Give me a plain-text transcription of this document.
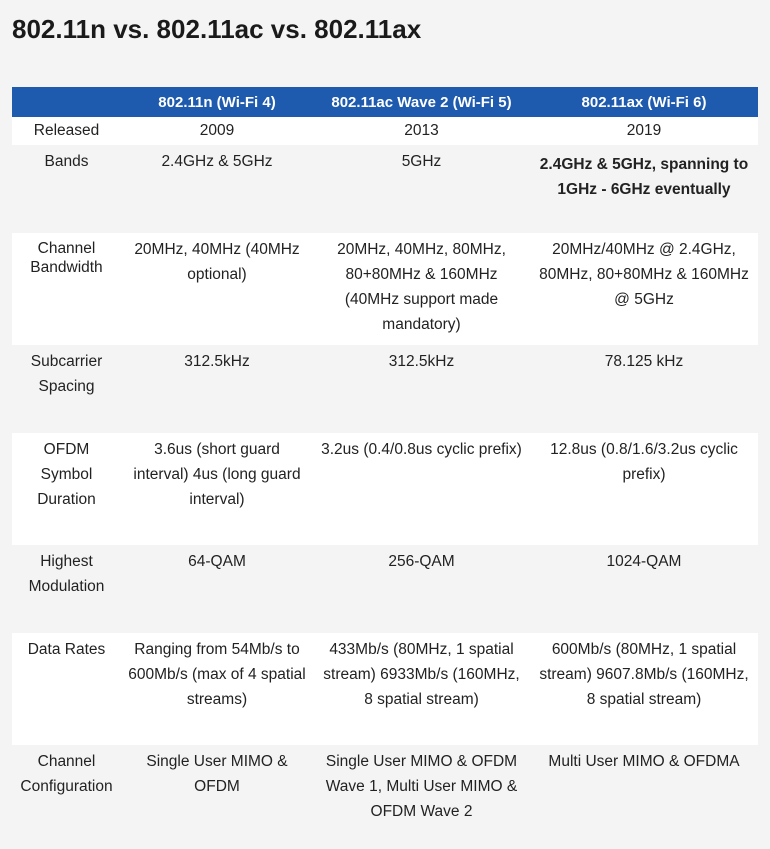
802.11n vs. 802.11ac vs. 802.11ax
	802.11n (Wi-Fi 4)	802.11ac Wave 2 (Wi-Fi 5)	802.11ax (Wi-Fi 6)
Released	2009	2013	2019
Bands	2.4GHz & 5GHz	5GHz	2.4GHz & 5GHz, spanning to 1GHz - 6GHz eventually
Channel Bandwidth	20MHz, 40MHz (40MHz optional)	20MHz, 40MHz, 80MHz, 80+80MHz & 160MHz (40MHz support made mandatory)	20MHz/40MHz @ 2.4GHz, 80MHz, 80+80MHz & 160MHz @ 5GHz
Subcarrier Spacing	312.5kHz	312.5kHz	78.125 kHz
OFDM Symbol Duration	3.6us (short guard interval) 4us (long guard interval)	3.2us (0.4/0.8us cyclic prefix)	12.8us (0.8/1.6/3.2us cyclic prefix)
Highest Modulation	64-QAM	256-QAM	1024-QAM
Data Rates	Ranging from 54Mb/s to 600Mb/s (max of 4 spatial streams)	433Mb/s (80MHz, 1 spatial stream) 6933Mb/s (160MHz, 8 spatial stream)	600Mb/s (80MHz, 1 spatial stream) 9607.8Mb/s (160MHz, 8 spatial stream)
Channel Configuration	Single User MIMO & OFDM	Single User MIMO & OFDM Wave 1, Multi User MIMO & OFDM Wave 2	Multi User MIMO & OFDMA
